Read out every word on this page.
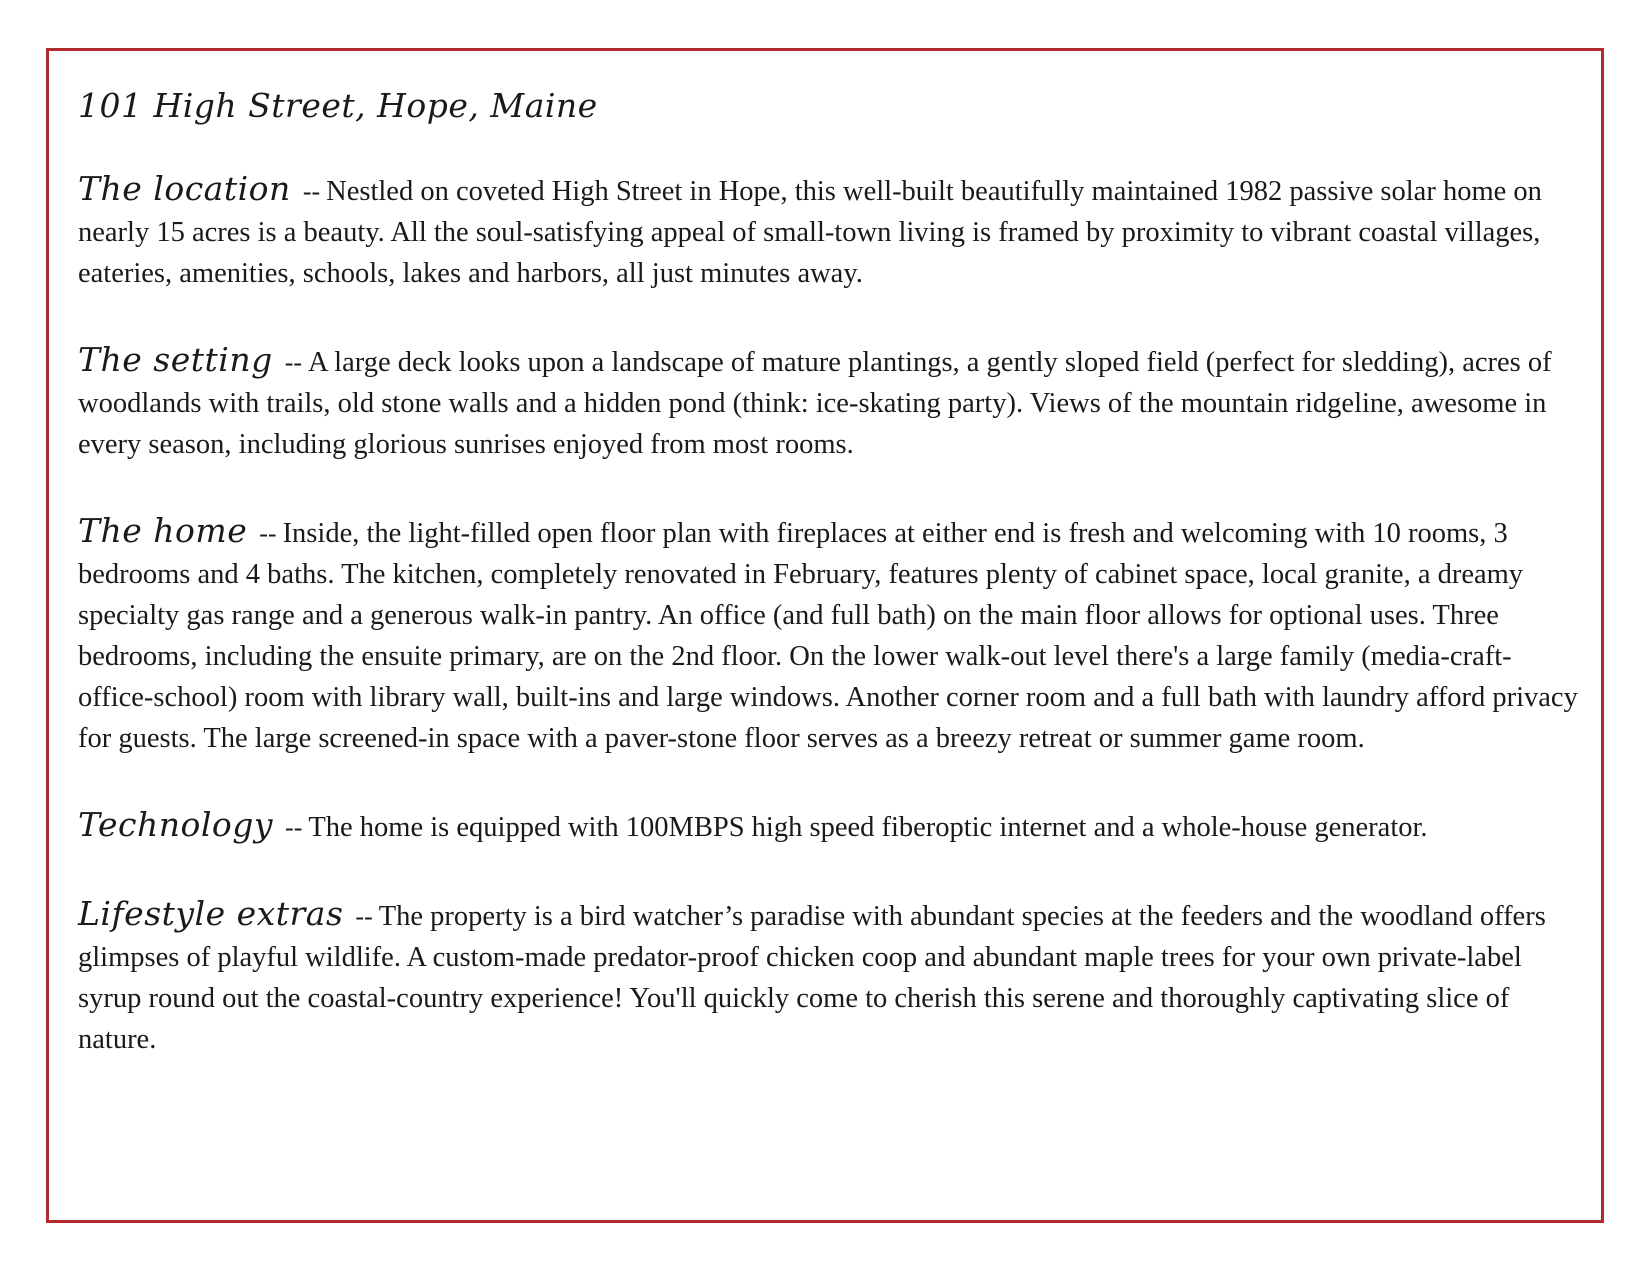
101 High Street, Hope, Maine

The location -- Nestled on coveted High Street in Hope, this well-built beautifully maintained 1982 passive solar home on nearly 15 acres is a beauty. All the soul-satisfying appeal of small-town living is framed by proximity to vibrant coastal villages, eateries, amenities, schools, lakes and harbors, all just minutes away.

The setting -- A large deck looks upon a landscape of mature plantings, a gently sloped field (perfect for sledding), acres of woodlands with trails, old stone walls and a hidden pond (think: ice-skating party). Views of the mountain ridgeline, awesome in every season, including glorious sunrises enjoyed from most rooms.

The home -- Inside, the light-filled open floor plan with fireplaces at either end is fresh and welcoming with 10 rooms, 3 bedrooms and 4 baths. The kitchen, completely renovated in February, features plenty of cabinet space, local granite, a dreamy specialty gas range and a generous walk-in pantry. An office (and full bath) on the main floor allows for optional uses. Three bedrooms, including the ensuite primary, are on the 2nd floor. On the lower walk-out level there's a large family (media-craft-office-school) room with library wall, built-ins and large windows. Another corner room and a full bath with laundry afford privacy for guests. The large screened-in space with a paver-stone floor serves as a breezy retreat or summer game room.

Technology -- The home is equipped with 100MBPS high speed fiberoptic internet and a whole-house generator.

Lifestyle extras -- The property is a bird watcher’s paradise with abundant species at the feeders and the woodland offers glimpses of playful wildlife. A custom-made predator-proof chicken coop and abundant maple trees for your own private-label syrup round out the coastal-country experience! You'll quickly come to cherish this serene and thoroughly captivating slice of nature.
